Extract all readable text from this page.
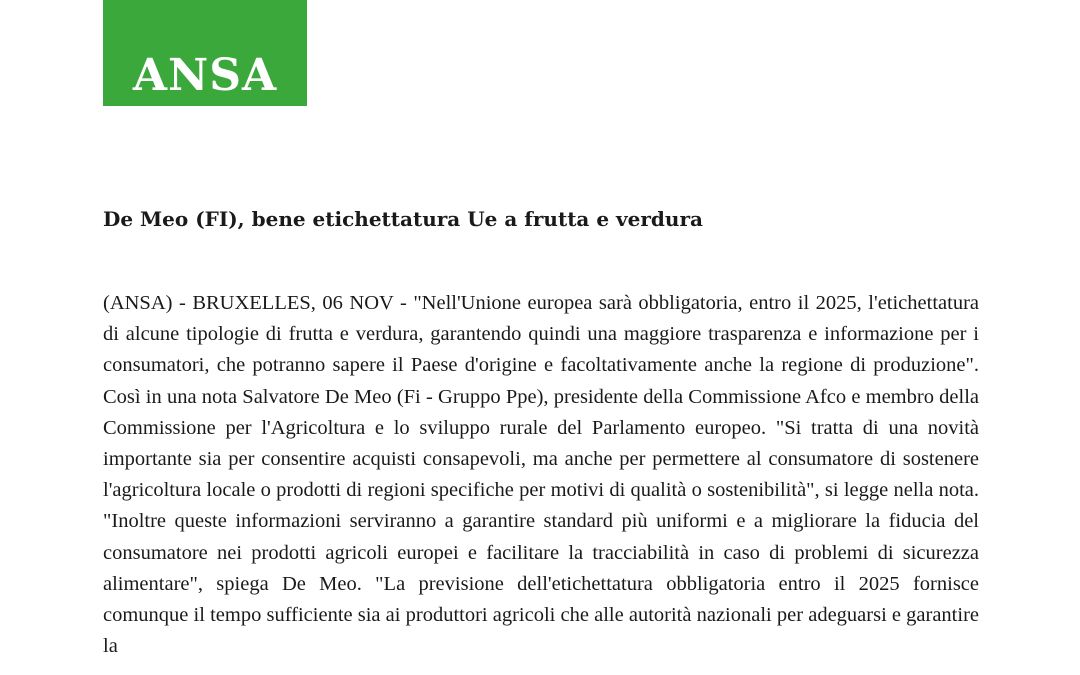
ANSA
De Meo (FI), bene etichettatura Ue a frutta e verdura

(ANSA) - BRUXELLES, 06 NOV - "Nell'Unione europea sarà obbligatoria, entro il 2025, l'etichettatura di alcune tipologie di frutta e verdura, garantendo quindi una maggiore trasparenza e informazione per i consumatori, che potranno sapere il Paese d'origine e facoltativamente anche la regione di produzione". Così in una nota Salvatore De Meo (Fi - Gruppo Ppe), presidente della Commissione Afco e membro della Commissione per l'Agricoltura e lo sviluppo rurale del Parlamento europeo. "Si tratta di una novità importante sia per consentire acquisti consapevoli, ma anche per permettere al consumatore di sostenere l'agricoltura locale o prodotti di regioni specifiche per motivi di qualità o sostenibilità", si legge nella nota. "Inoltre queste informazioni serviranno a garantire standard più uniformi e a migliorare la fiducia del consumatore nei prodotti agricoli europei e facilitare la tracciabilità in caso di problemi di sicurezza alimentare", spiega De Meo. "La previsione dell'etichettatura obbligatoria entro il 2025 fornisce comunque il tempo sufficiente sia ai produttori agricoli che alle autorità nazionali per adeguarsi e garantire la
